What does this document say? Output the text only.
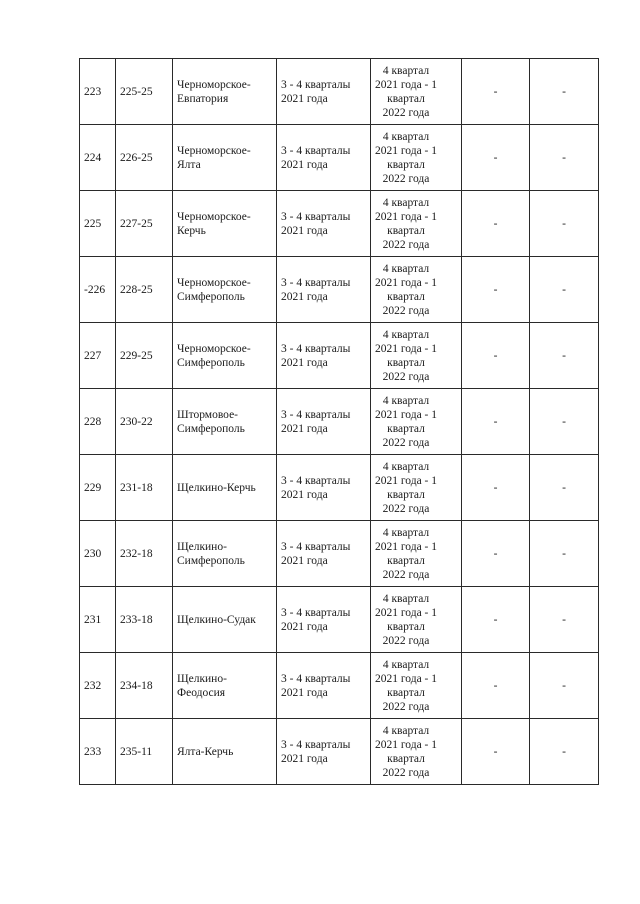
223	225-25	Черноморское-Евпатория	3 - 4 кварталы 2021 года	4 квартал 2021 года - 1 квартал 2022 года	-	-
224	226-25	Черноморское-Ялта	3 - 4 кварталы 2021 года	4 квартал 2021 года - 1 квартал 2022 года	-	-
225	227-25	Черноморское-Керчь	3 - 4 кварталы 2021 года	4 квартал 2021 года - 1 квартал 2022 года	-	-
-226	228-25	Черноморское-Симферополь	3 - 4 кварталы 2021 года	4 квартал 2021 года - 1 квартал 2022 года	-	-
227	229-25	Черноморское-Симферополь	3 - 4 кварталы 2021 года	4 квартал 2021 года - 1 квартал 2022 года	-	-
228	230-22	Штормовое-Симферополь	3 - 4 кварталы 2021 года	4 квартал 2021 года - 1 квартал 2022 года	-	-
229	231-18	Щелкино-Керчь	3 - 4 кварталы 2021 года	4 квартал 2021 года - 1 квартал 2022 года	-	-
230	232-18	Щелкино-Симферополь	3 - 4 кварталы 2021 года	4 квартал 2021 года - 1 квартал 2022 года	-	-
231	233-18	Щелкино-Судак	3 - 4 кварталы 2021 года	4 квартал 2021 года - 1 квартал 2022 года	-	-
232	234-18	Щелкино-Феодосия	3 - 4 кварталы 2021 года	4 квартал 2021 года - 1 квартал 2022 года	-	-
233	235-11	Ялта-Керчь	3 - 4 кварталы 2021 года	4 квартал 2021 года - 1 квартал 2022 года	-	-
